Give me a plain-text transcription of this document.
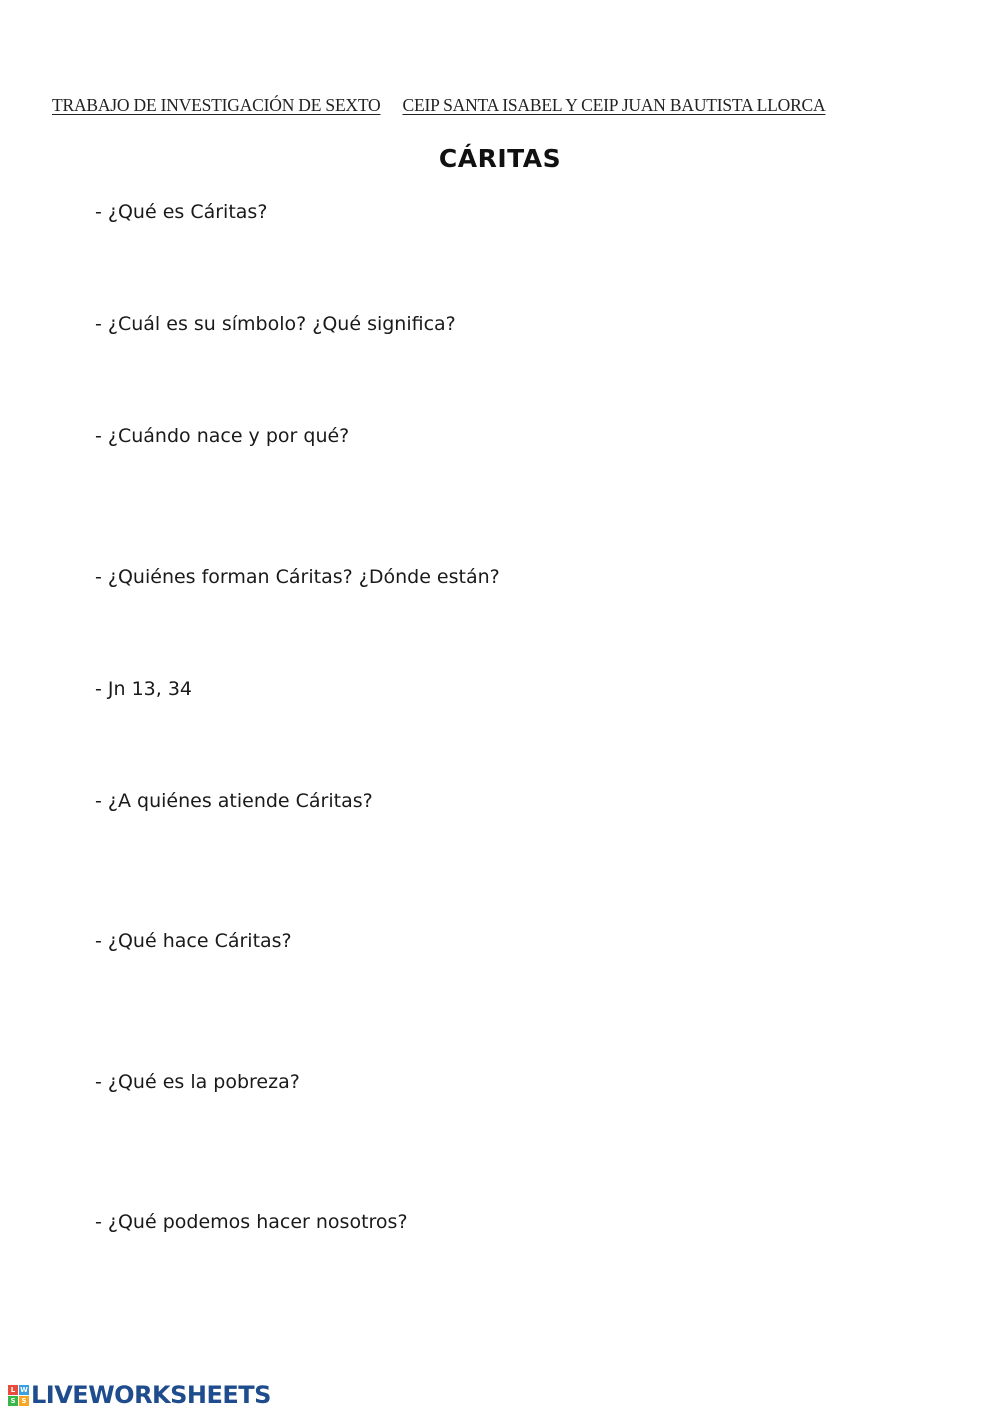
TRABAJO DE INVESTIGACIÓN DE SEXTO CEIP SANTA ISABEL Y CEIP JUAN BAUTISTA LLORCA
CÁRITAS
- ¿Qué es Cáritas?
- ¿Cuál es su símbolo? ¿Qué significa?
- ¿Cuándo nace y por qué?
- ¿Quiénes forman Cáritas? ¿Dónde están?
- Jn 13, 34
- ¿A quiénes atiende Cáritas?
- ¿Qué hace Cáritas?
- ¿Qué es la pobreza?
- ¿Qué podemos hacer nosotros?
L W
S S LIVEWORKSHEETS
